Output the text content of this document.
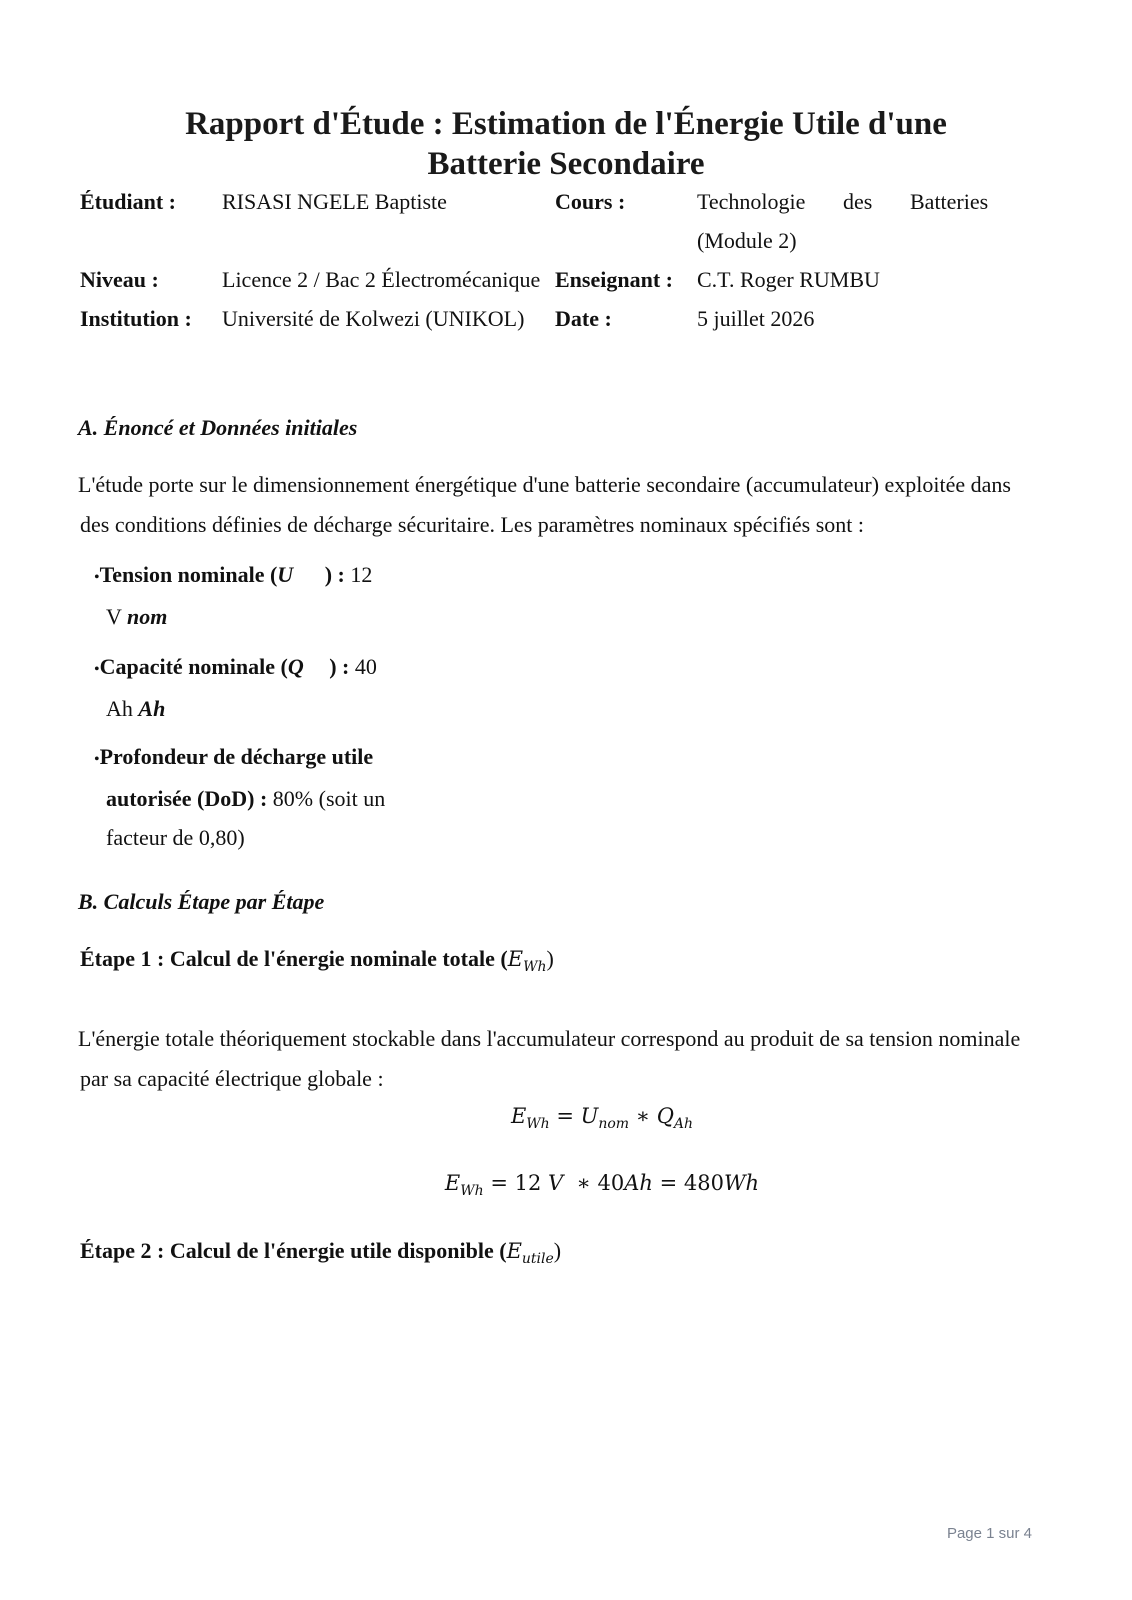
Rapport d'Étude : Estimation de l'Énergie Utile d'une
Batterie Secondaire
Étudiant : RISASI NGELE Baptiste	Cours :	Technologie des Batteries
(Module 2)
Niveau :	Licence 2 / Bac 2 Électromécanique Enseignant : C.T. Roger RUMBU
Institution : Université de Kolwezi (UNIKOL) Date :	5 juillet 2026
A. Énoncé et Données initiales
L'étude porte sur le dimensionnement énergétique d'une batterie secondaire (accumulateur) exploitée dans
des conditions définies de décharge sécuritaire. Les paramètres nominaux spécifiés sont :
•Tension nominale (U ) : 12
V nom
•Capacité nominale (Q ) : 40
Ah Ah
•Profondeur de décharge utile
autorisée (DoD) : 80% (soit un
facteur de 0,80)
B. Calculs Étape par Étape
Étape 1 : Calcul de l'énergie nominale totale $(E_{Wh})$
L'énergie totale théoriquement stockable dans l'accumulateur correspond au produit de sa tension nominale
par sa capacité électrique globale :
$E_{Wh} = U_{nom}$ ∗ $Q_{Ah}$
$E_{Wh} = 12$ V  ∗ 40Ah = 480Wh
Étape 2 : Calcul de l'énergie utile disponible $(E_{utile})$
Page 1 sur 4
